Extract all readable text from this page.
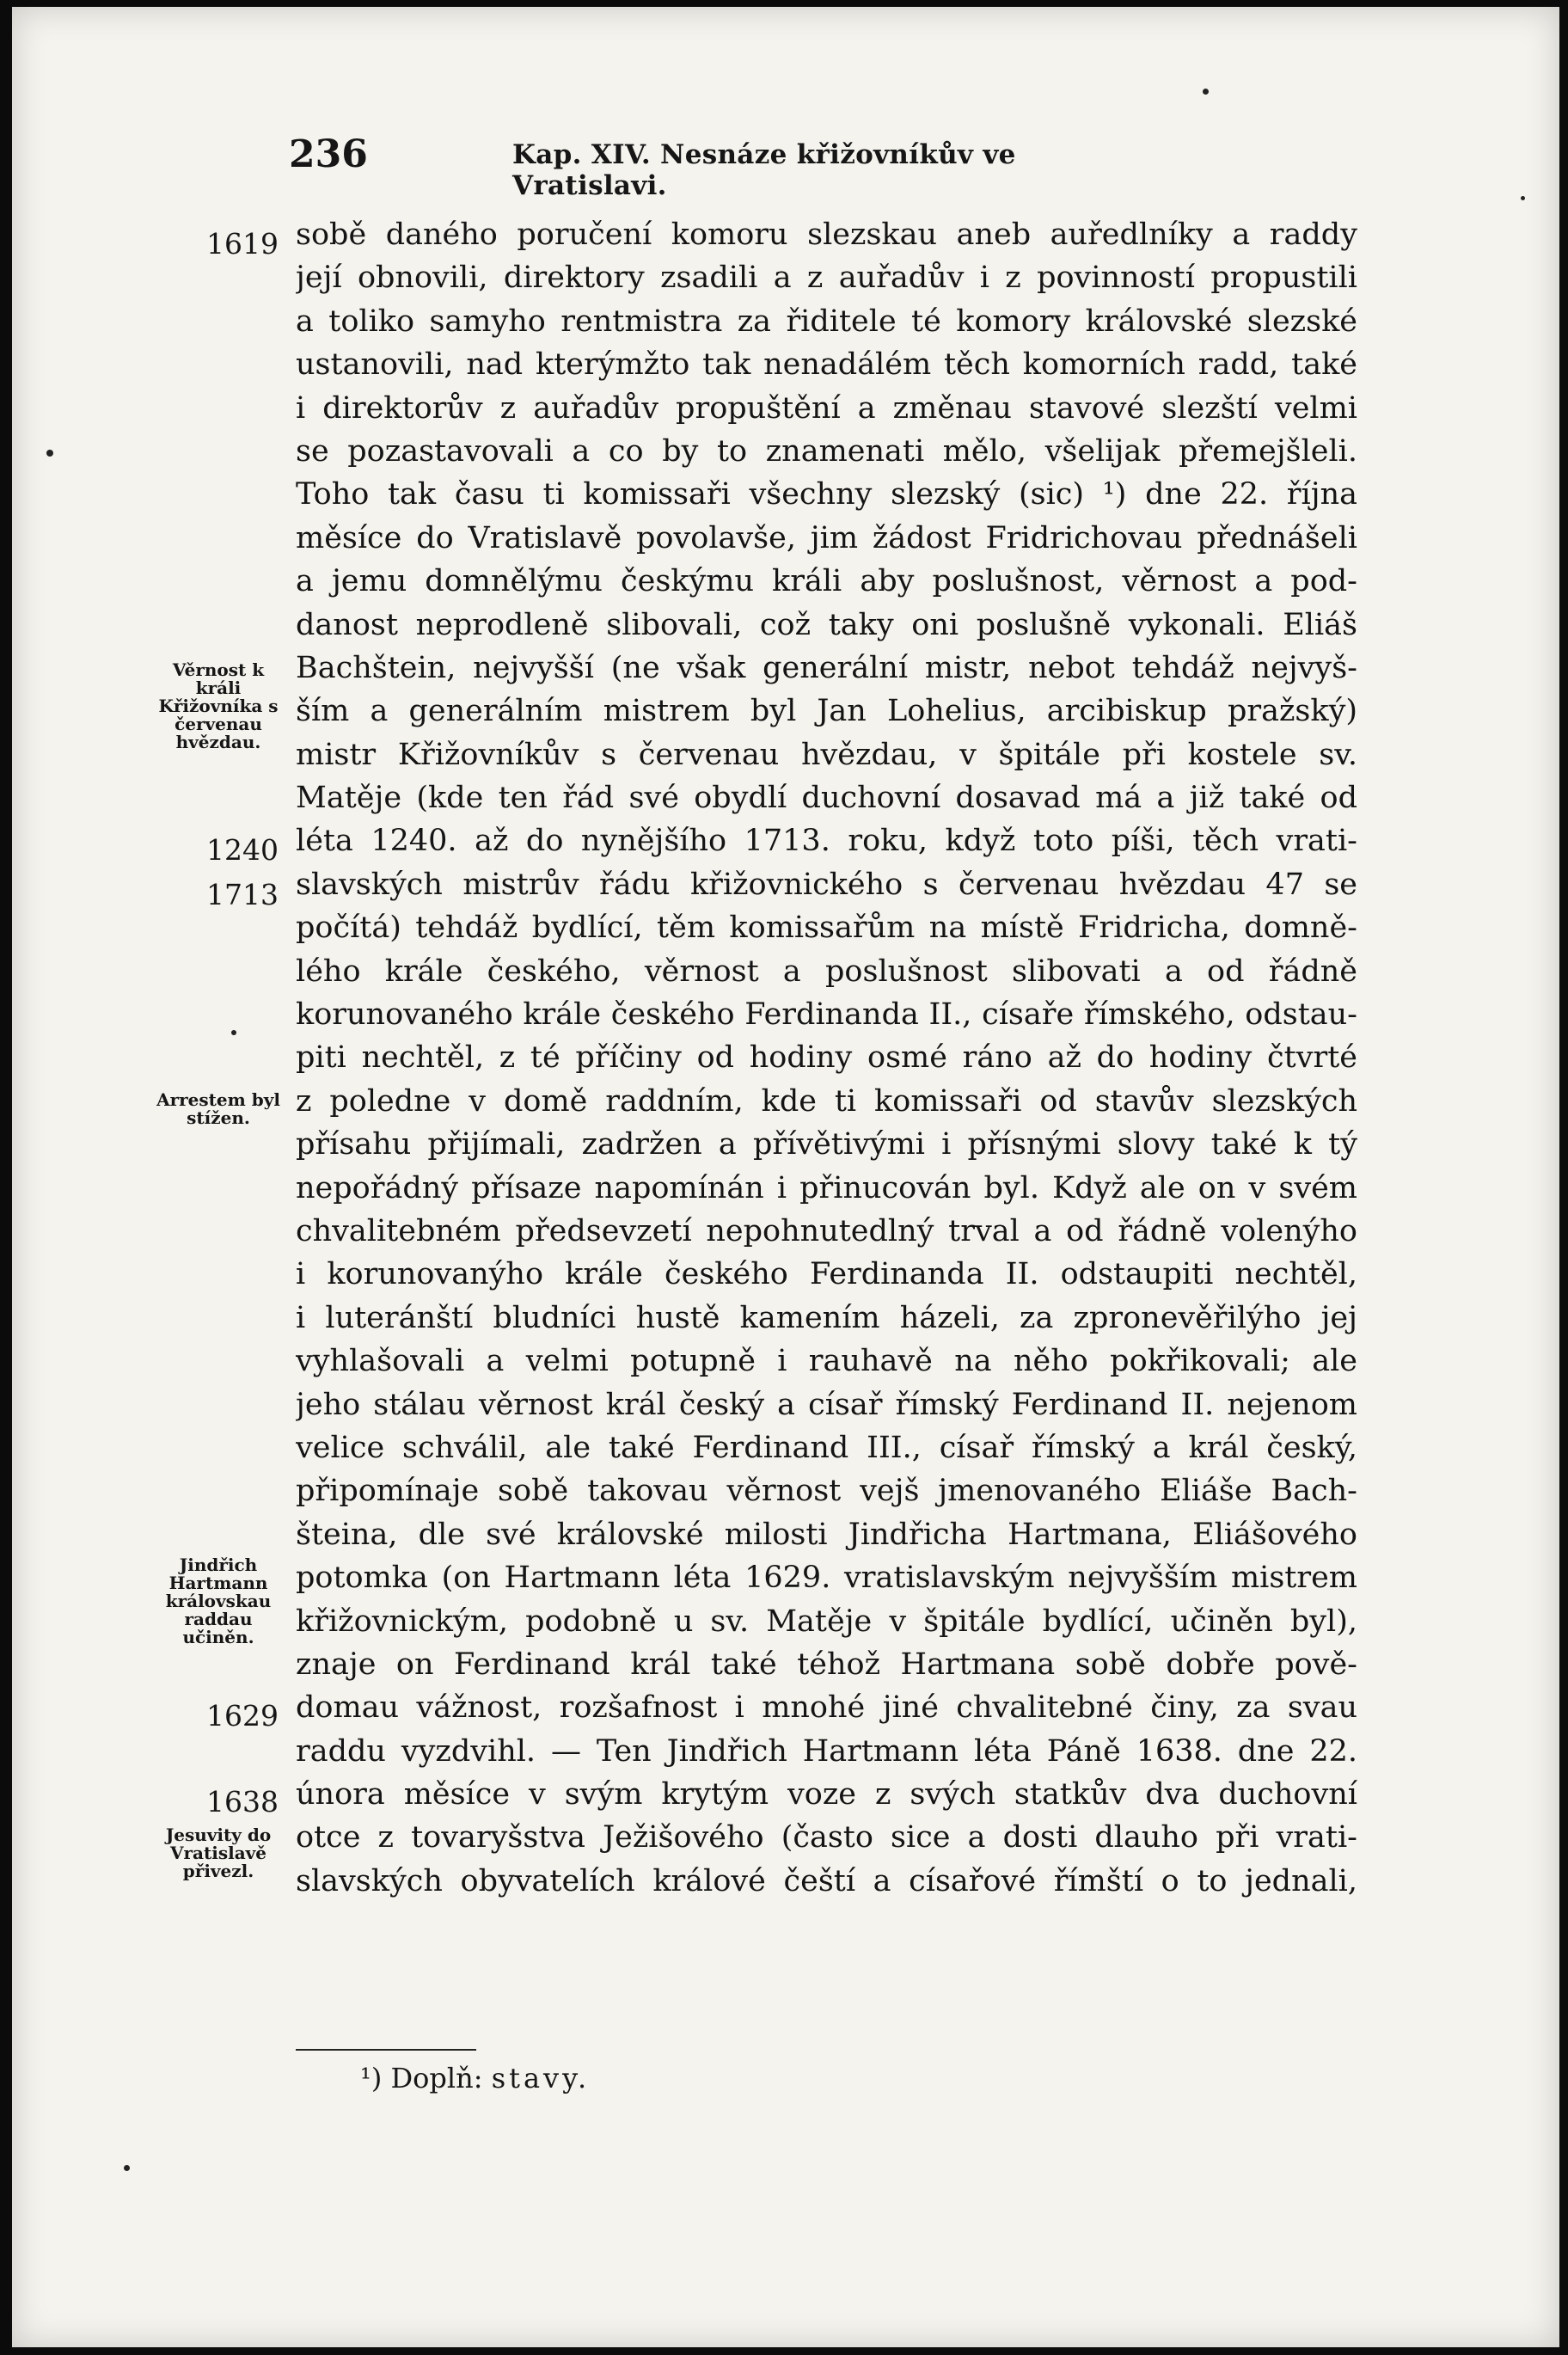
236	Kap. XIV. Nesnáze křižovníkův ve Vratislavi.
1619
Věrnost k králi Křižovníka s červenau hvězdau.
1240
1713
Arrestem byl stížen.
Jindřich Hartmann královskau raddau učiněn.
1629
1638
Jesuvity do Vratislavě přivezl.
sobě daného poručení komoru slezskau aneb auředlníky a raddy
její obnovili, direktory zsadili a z auřadův i z povinností propustili
a toliko samyho rentmistra za řiditele té komory královské slezské
ustanovili, nad kterýmžto tak nenadálém těch komorních radd, také
i direktorův z auřadův propuštění a změnau stavové slezští velmi
se pozastavovali a co by to znamenati mělo, všelijak přemejšleli.
Toho tak času ti komissaři všechny slezský (sic) ¹) dne 22. října
měsíce do Vratislavě povolavše, jim žádost Fridrichovau přednášeli
a jemu domnělýmu českýmu králi aby poslušnost, věrnost a pod-
danost neprodleně slibovali, což taky oni poslušně vykonali. Eliáš
Bachštein, nejvyšší (ne však generální mistr, nebot tehdáž nejvyš-
ším a generálním mistrem byl Jan Lohelius, arcibiskup pražský)
mistr Křižovníkův s červenau hvězdau, v špitále při kostele sv.
Matěje (kde ten řád své obydlí duchovní dosavad má a již také od
léta 1240. až do nynějšího 1713. roku, když toto píši, těch vrati-
slavských mistrův řádu křižovnického s červenau hvězdau 47 se
počítá) tehdáž bydlící, těm komissařům na místě Fridricha, domně-
lého krále českého, věrnost a poslušnost slibovati a od řádně
korunovaného krále českého Ferdinanda II., císaře římského, odstau-
piti nechtěl, z té příčiny od hodiny osmé ráno až do hodiny čtvrté
z poledne v domě raddním, kde ti komissaři od stavův slezských
přísahu přijímali, zadržen a přívětivými i přísnými slovy také k tý
nepořádný přísaze napomínán i přinucován byl. Když ale on v svém
chvalitebném předsevzetí nepohnutedlný trval a od řádně volenýho
i korunovanýho krále českého Ferdinanda II. odstaupiti nechtěl,
i luteránští bludníci hustě kamením házeli, za zpronevěřilýho jej
vyhlašovali a velmi potupně i rauhavě na něho pokřikovali; ale
jeho stálau věrnost král český a císař římský Ferdinand II. nejenom
velice schválil, ale také Ferdinand III., císař římský a král český,
připomínaje sobě takovau věrnost vejš jmenovaného Eliáše Bach-
šteina, dle své královské milosti Jindřicha Hartmana, Eliášového
potomka (on Hartmann léta 1629. vratislavským nejvyšším mistrem
křižovnickým, podobně u sv. Matěje v špitále bydlící, učiněn byl),
znaje on Ferdinand král také téhož Hartmana sobě dobře pově-
domau vážnost, rozšafnost i mnohé jiné chvalitebné činy, za svau
raddu vyzdvihl. — Ten Jindřich Hartmann léta Páně 1638. dne 22.
února měsíce v svým krytým voze z svých statkův dva duchovní
otce z tovaryšstva Ježišového (často sice a dosti dlauho při vrati-
slavských obyvatelích králové čeští a císařové římští o to jednali,
¹) Doplň: stavy.
